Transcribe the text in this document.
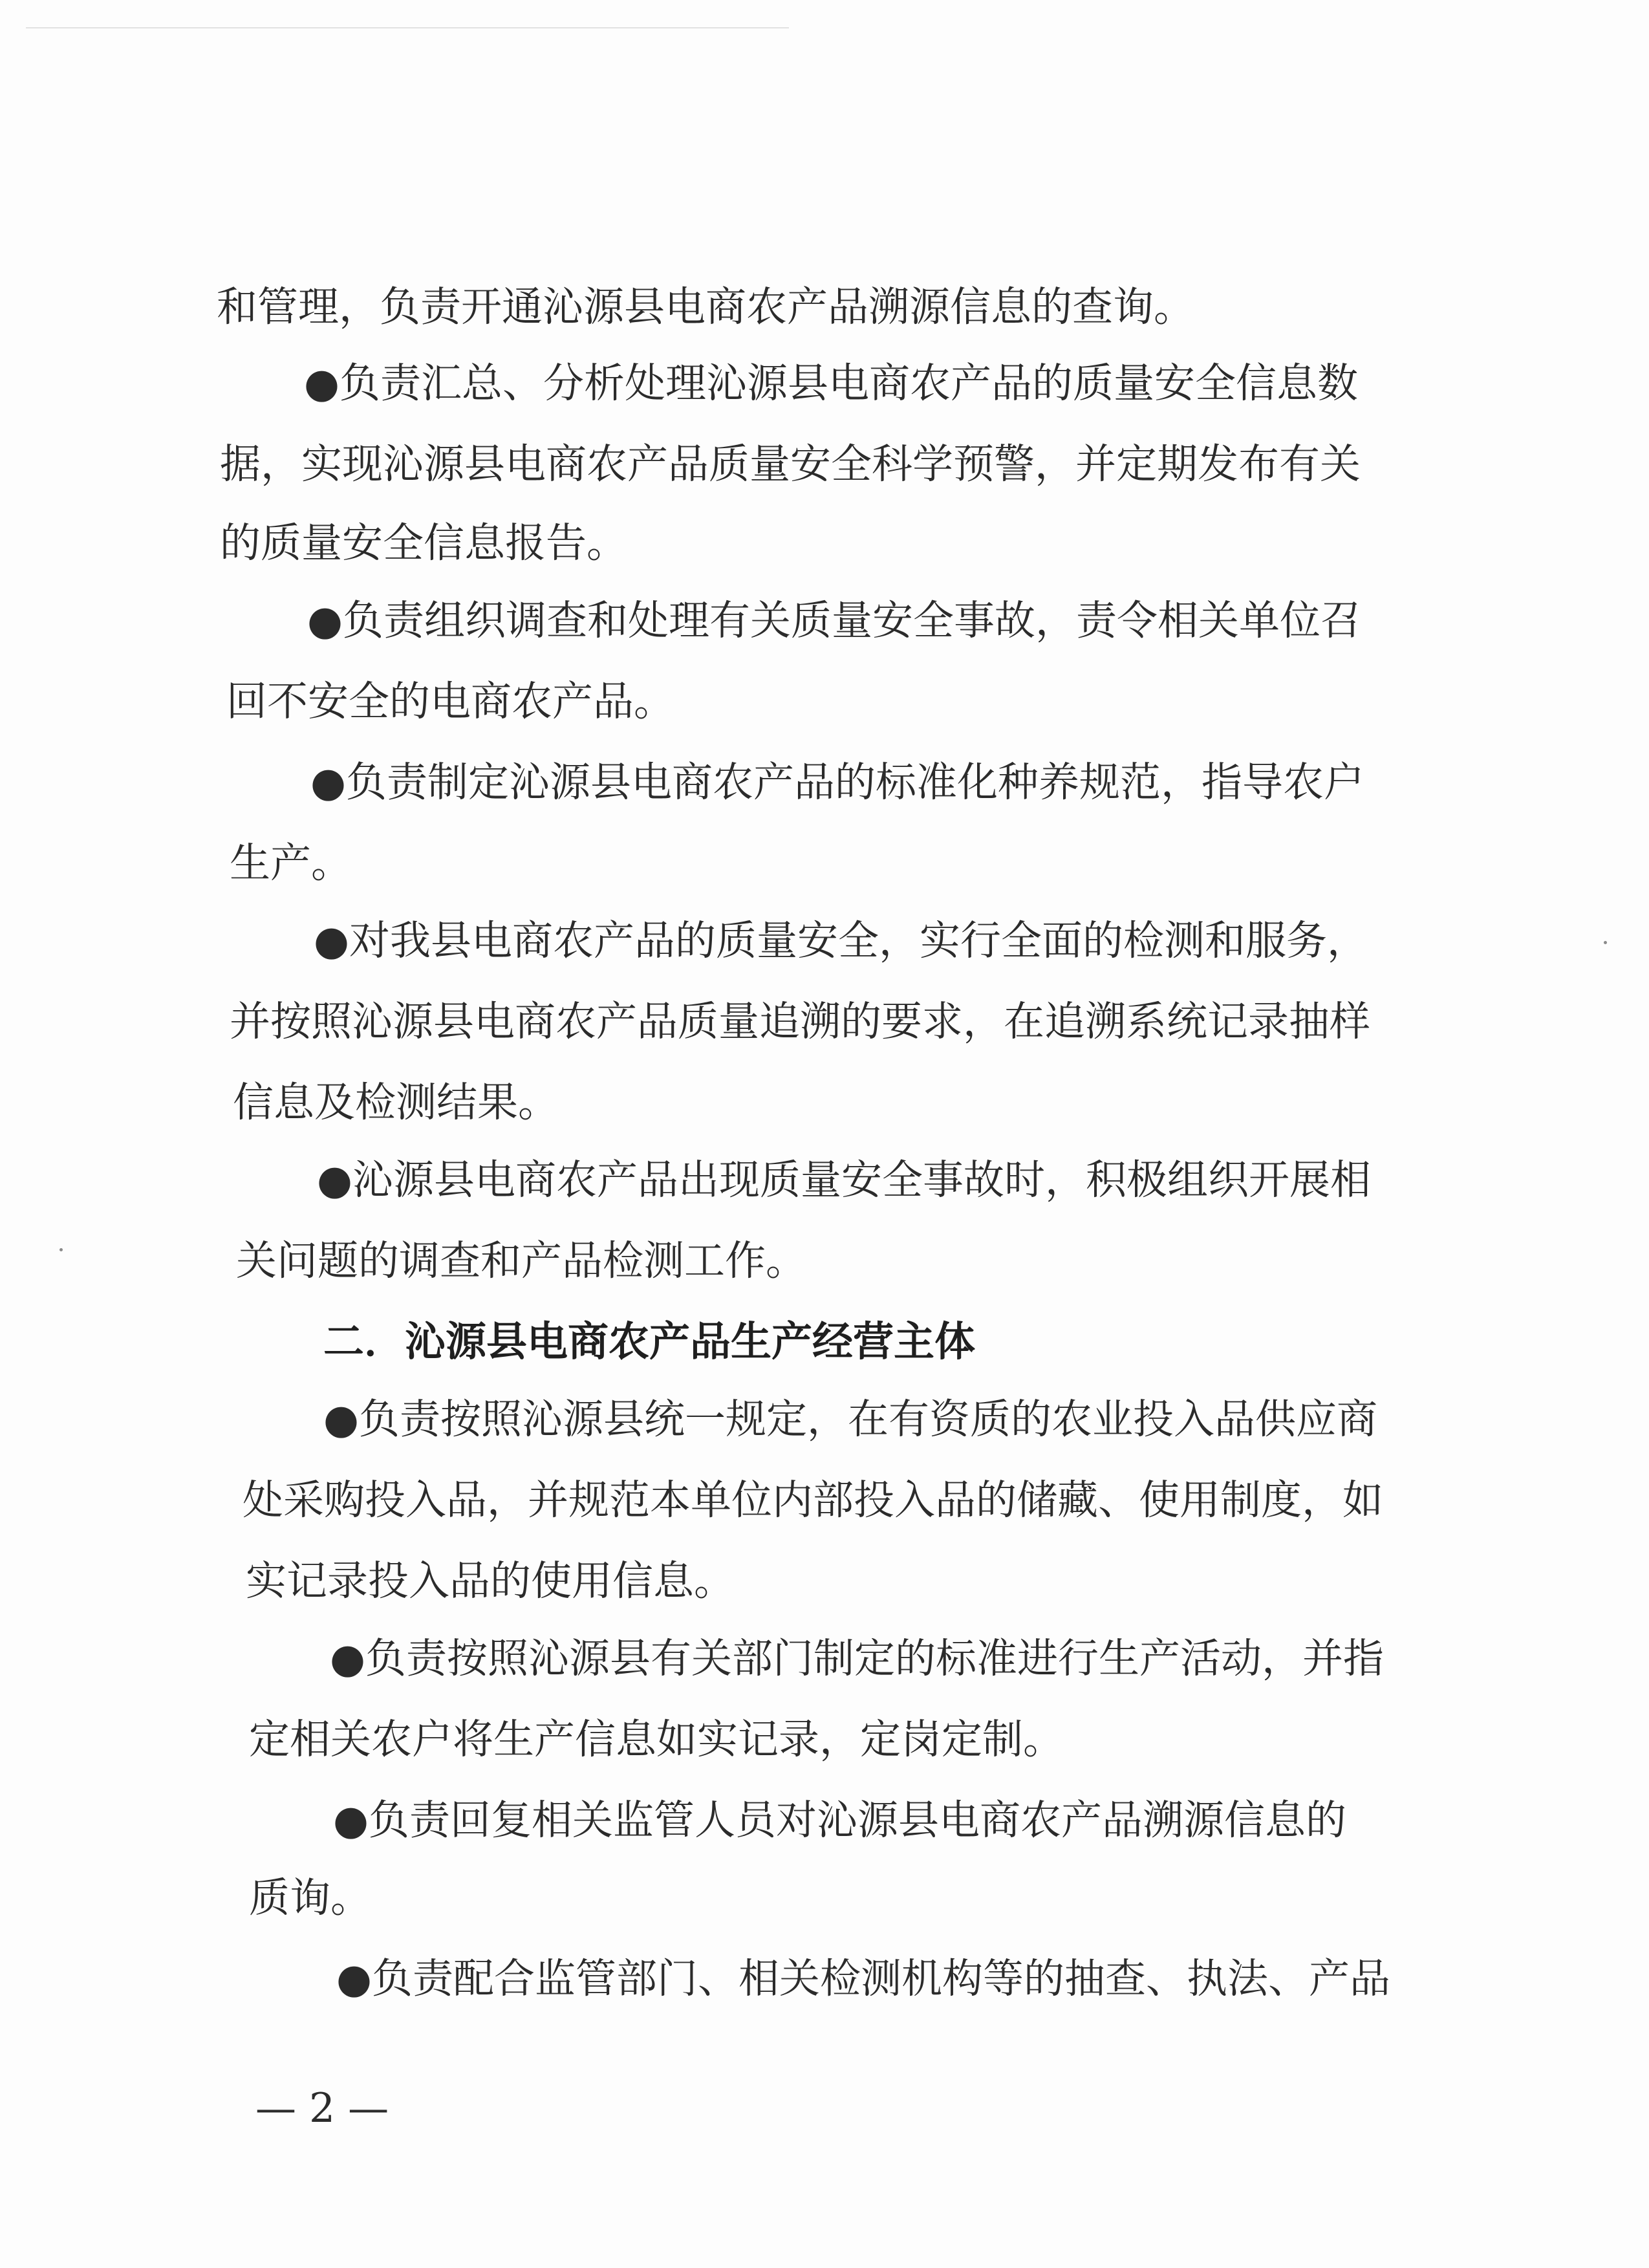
和管理，负责开通沁源县电商农产品溯源信息的查询。
●负责汇总、分析处理沁源县电商农产品的质量安全信息数
据，实现沁源县电商农产品质量安全科学预警，并定期发布有关
的质量安全信息报告。
●负责组织调查和处理有关质量安全事故，责令相关单位召
回不安全的电商农产品。
●负责制定沁源县电商农产品的标准化种养规范，指导农户
生产。
●对我县电商农产品的质量安全，实行全面的检测和服务，
并按照沁源县电商农产品质量追溯的要求，在追溯系统记录抽样
信息及检测结果。
●沁源县电商农产品出现质量安全事故时，积极组织开展相
关问题的调查和产品检测工作。
二．沁源县电商农产品生产经营主体
●负责按照沁源县统一规定，在有资质的农业投入品供应商
处采购投入品，并规范本单位内部投入品的储藏、使用制度，如
实记录投入品的使用信息。
●负责按照沁源县有关部门制定的标准进行生产活动，并指
定相关农户将生产信息如实记录，定岗定制。
●负责回复相关监管人员对沁源县电商农产品溯源信息的
质询。
●负责配合监管部门、相关检测机构等的抽查、执法、产品
— 2 —
